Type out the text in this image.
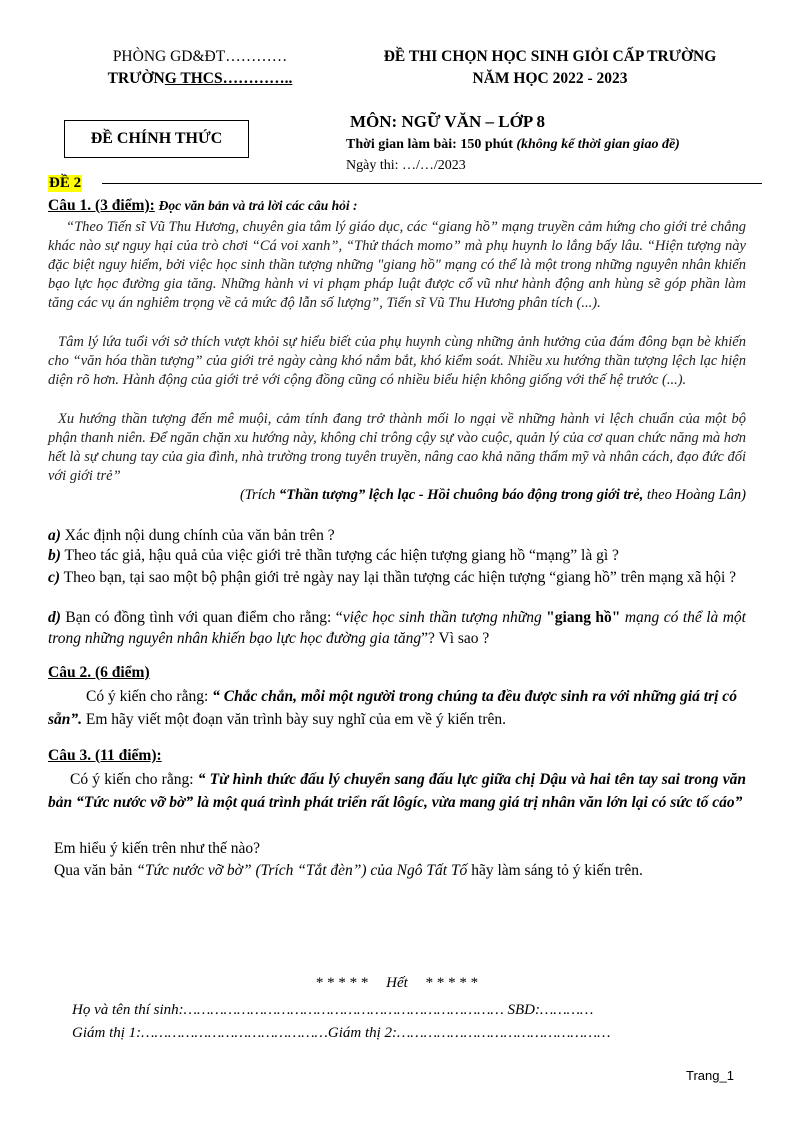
PHÒNG GD&ĐT…………
TRƯỜNG THCS…………..
ĐỀ THI CHỌN HỌC SINH GIỎI CẤP TRƯỜNG
NĂM HỌC 2022 - 2023
ĐỀ CHÍNH THỨC
MÔN: NGỮ VĂN – LỚP 8
Thời gian làm bài: 150 phút (không kể thời gian giao đề)
Ngày thi: …/…/2023
ĐỀ 2
Câu 1. (3 điểm): Đọc văn bản và trả lời các câu hỏi :
“Theo Tiến sĩ Vũ Thu Hương, chuyên gia tâm lý giáo dục, các “giang hồ” mạng truyền cảm hứng cho giới trẻ chẳng khác nào sự nguy hại của trò chơi “Cá voi xanh”, “Thử thách momo” mà phụ huynh lo lắng bấy lâu. “Hiện tượng này đặc biệt nguy hiểm, bởi việc học sinh thần tượng những "giang hồ" mạng có thể là một trong những nguyên nhân khiến bạo lực học đường gia tăng. Những hành vi vi phạm pháp luật được cổ vũ như hành động anh hùng sẽ góp phần làm tăng các vụ án nghiêm trọng về cả mức độ lẫn số lượng”, Tiến sĩ Vũ Thu Hương phân tích (...).
Tâm lý lứa tuổi với sở thích vượt khỏi sự hiểu biết của phụ huynh cùng những ảnh hưởng của đám đông bạn bè khiến cho “văn hóa thần tượng” của giới trẻ ngày càng khó nắm bắt, khó kiểm soát. Nhiều xu hướng thần tượng lệch lạc hiện diện rõ hơn. Hành động của giới trẻ với cộng đồng cũng có nhiều biểu hiện không giống với thế hệ trước (...).
Xu hướng thần tượng đến mê muội, cảm tính đang trở thành mối lo ngại về những hành vi lệch chuẩn của một bộ phận thanh niên. Để ngăn chặn xu hướng này, không chỉ trông cậy sự vào cuộc, quản lý của cơ quan chức năng mà hơn hết là sự chung tay của gia đình, nhà trường trong tuyên truyền, nâng cao khả năng thẩm mỹ và nhân cách, đạo đức đối với giới trẻ”
(Trích “Thần tượng” lệch lạc - Hồi chuông báo động trong giới trẻ, theo Hoàng Lân)
a) Xác định nội dung chính của văn bản trên ?
b) Theo tác giả, hậu quả của việc giới trẻ thần tượng các hiện tượng giang hồ “mạng” là gì ?
c) Theo bạn, tại sao một bộ phận giới trẻ ngày nay lại thần tượng các hiện tượng “giang hồ” trên mạng xã hội ?
d) Bạn có đồng tình với quan điểm cho rằng: “việc học sinh thần tượng những "giang hồ" mạng có thể là một trong những nguyên nhân khiến bạo lực học đường gia tăng”? Vì sao ?
Câu 2. (6 điểm)
Có ý kiến cho rằng: “ Chắc chắn, mỗi một người trong chúng ta đều được sinh ra với những giá trị có sẵn”. Em hãy viết một đoạn văn trình bày suy nghĩ của em về ý kiến trên.
Câu 3. (11 điểm):
Có ý kiến cho rằng: “ Từ hình thức đấu lý chuyển sang đấu lực giữa chị Dậu và hai tên tay sai trong văn bản “Tức nước vỡ bờ” là một quá trình phát triển rất lôgíc, vừa mang giá trị nhân văn lớn lại có sức tố cáo”
Em hiểu ý kiến trên như thế nào?
Qua văn bản “Tức nước vỡ bờ” (Trích “Tắt đèn”) của Ngô Tất Tố hãy làm sáng tỏ ý kiến trên.
* * * * * Hết * * * * *
Họ và tên thí sinh:……………………………………………………………… SBD:…………
Giám thị 1:……………………………………Giám thị 2:…………………………………………
Trang_1
